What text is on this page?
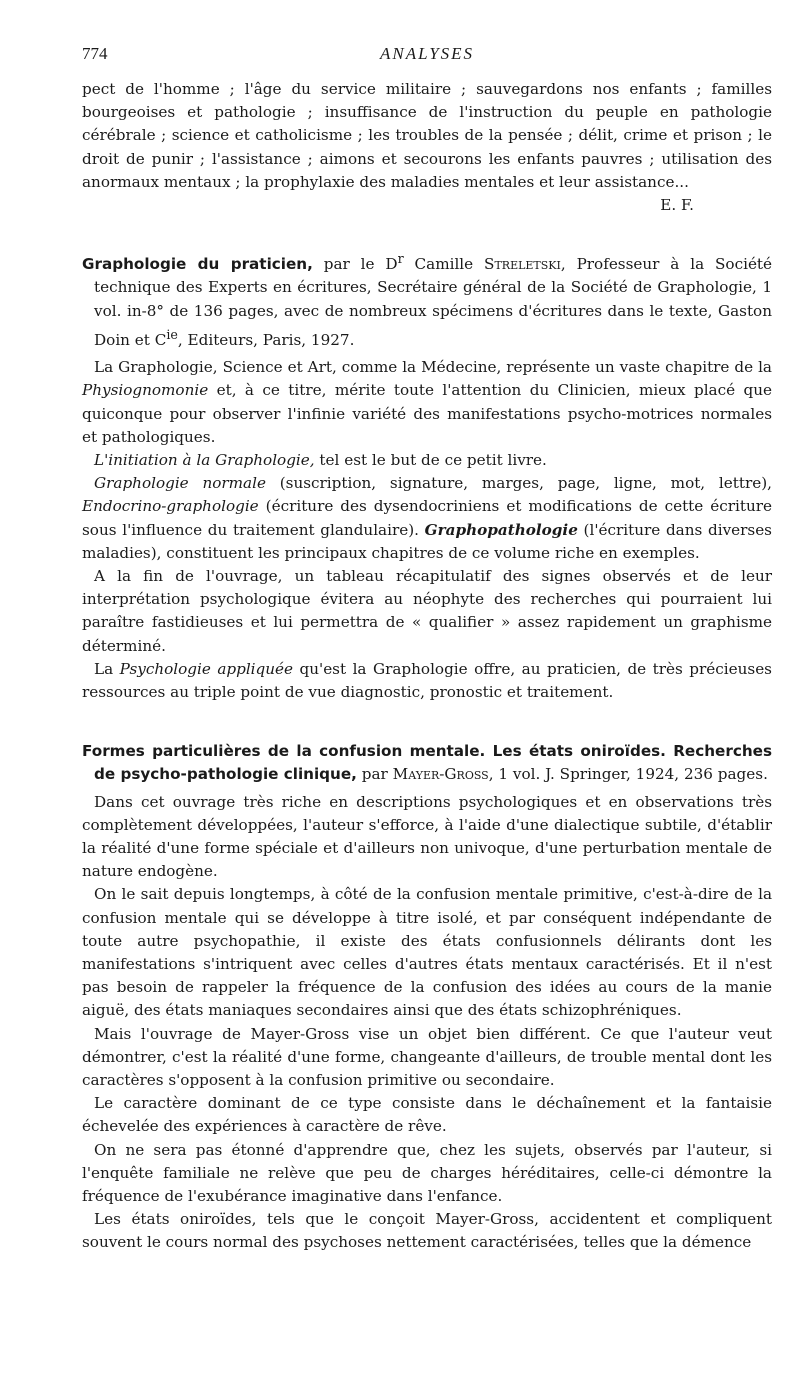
774	ANALYSES

pect de l'homme ; l'âge du service militaire ; sauvegardons nos enfants ; familles bourgeoises et pathologie ; insuffisance de l'instruction du peuple en pathologie cérébrale ; science et catholicisme ; les troubles de la pensée ; délit, crime et prison ; le droit de punir ; l'assistance ; aimons et secourons les enfants pauvres ; utilisation des anormaux mentaux ; la prophylaxie des maladies mentales et leur assistance...

E. F.

Graphologie du praticien, par le $D^r$ Camille Streletski, Professeur à la Société technique des Experts en écritures, Secrétaire général de la Société de Graphologie, 1 vol. in-8° de 136 pages, avec de nombreux spécimens d'écritures dans le texte, Gaston Doin et $C^{ie}$, Editeurs, Paris, 1927.

La Graphologie, Science et Art, comme la Médecine, représente un vaste chapitre de la Physiognomonie et, à ce titre, mérite toute l'attention du Clinicien, mieux placé que quiconque pour observer l'infinie variété des manifestations psycho-motrices normales et pathologiques.

L'initiation à la Graphologie, tel est le but de ce petit livre.

Graphologie normale (suscription, signature, marges, page, ligne, mot, lettre), Endocrino-graphologie (écriture des dysendocriniens et modifications de cette écriture sous l'influence du traitement glandulaire). Graphopathologie (l'écriture dans diverses maladies), constituent les principaux chapitres de ce volume riche en exemples.

A la fin de l'ouvrage, un tableau récapitulatif des signes observés et de leur interprétation psychologique évitera au néophyte des recherches qui pourraient lui paraître fastidieuses et lui permettra de « qualifier » assez rapidement un graphisme déterminé.

La Psychologie appliquée qu'est la Graphologie offre, au praticien, de très précieuses ressources au triple point de vue diagnostic, pronostic et traitement.

Formes particulières de la confusion mentale. Les états oniroïdes. Recherches de psycho-pathologie clinique, par Mayer-Gross, 1 vol. J. Springer, 1924, 236 pages.

Dans cet ouvrage très riche en descriptions psychologiques et en observations très complètement développées, l'auteur s'efforce, à l'aide d'une dialectique subtile, d'établir la réalité d'une forme spéciale et d'ailleurs non univoque, d'une perturbation mentale de nature endogène.

On le sait depuis longtemps, à côté de la confusion mentale primitive, c'est-à-dire de la confusion mentale qui se développe à titre isolé, et par conséquent indépendante de toute autre psychopathie, il existe des états confusionnels délirants dont les manifestations s'intriquent avec celles d'autres états mentaux caractérisés. Et il n'est pas besoin de rappeler la fréquence de la confusion des idées au cours de la manie aiguë, des états maniaques secondaires ainsi que des états schizophréniques.

Mais l'ouvrage de Mayer-Gross vise un objet bien différent. Ce que l'auteur veut démontrer, c'est la réalité d'une forme, changeante d'ailleurs, de trouble mental dont les caractères s'opposent à la confusion primitive ou secondaire.

Le caractère dominant de ce type consiste dans le déchaînement et la fantaisie échevelée des expériences à caractère de rêve.

On ne sera pas étonné d'apprendre que, chez les sujets, observés par l'auteur, si l'enquête familiale ne relève que peu de charges héréditaires, celle-ci démontre la fréquence de l'exubérance imaginative dans l'enfance.

Les états oniroïdes, tels que le conçoit Mayer-Gross, accidentent et compliquent souvent le cours normal des psychoses nettement caractérisées, telles que la démence
